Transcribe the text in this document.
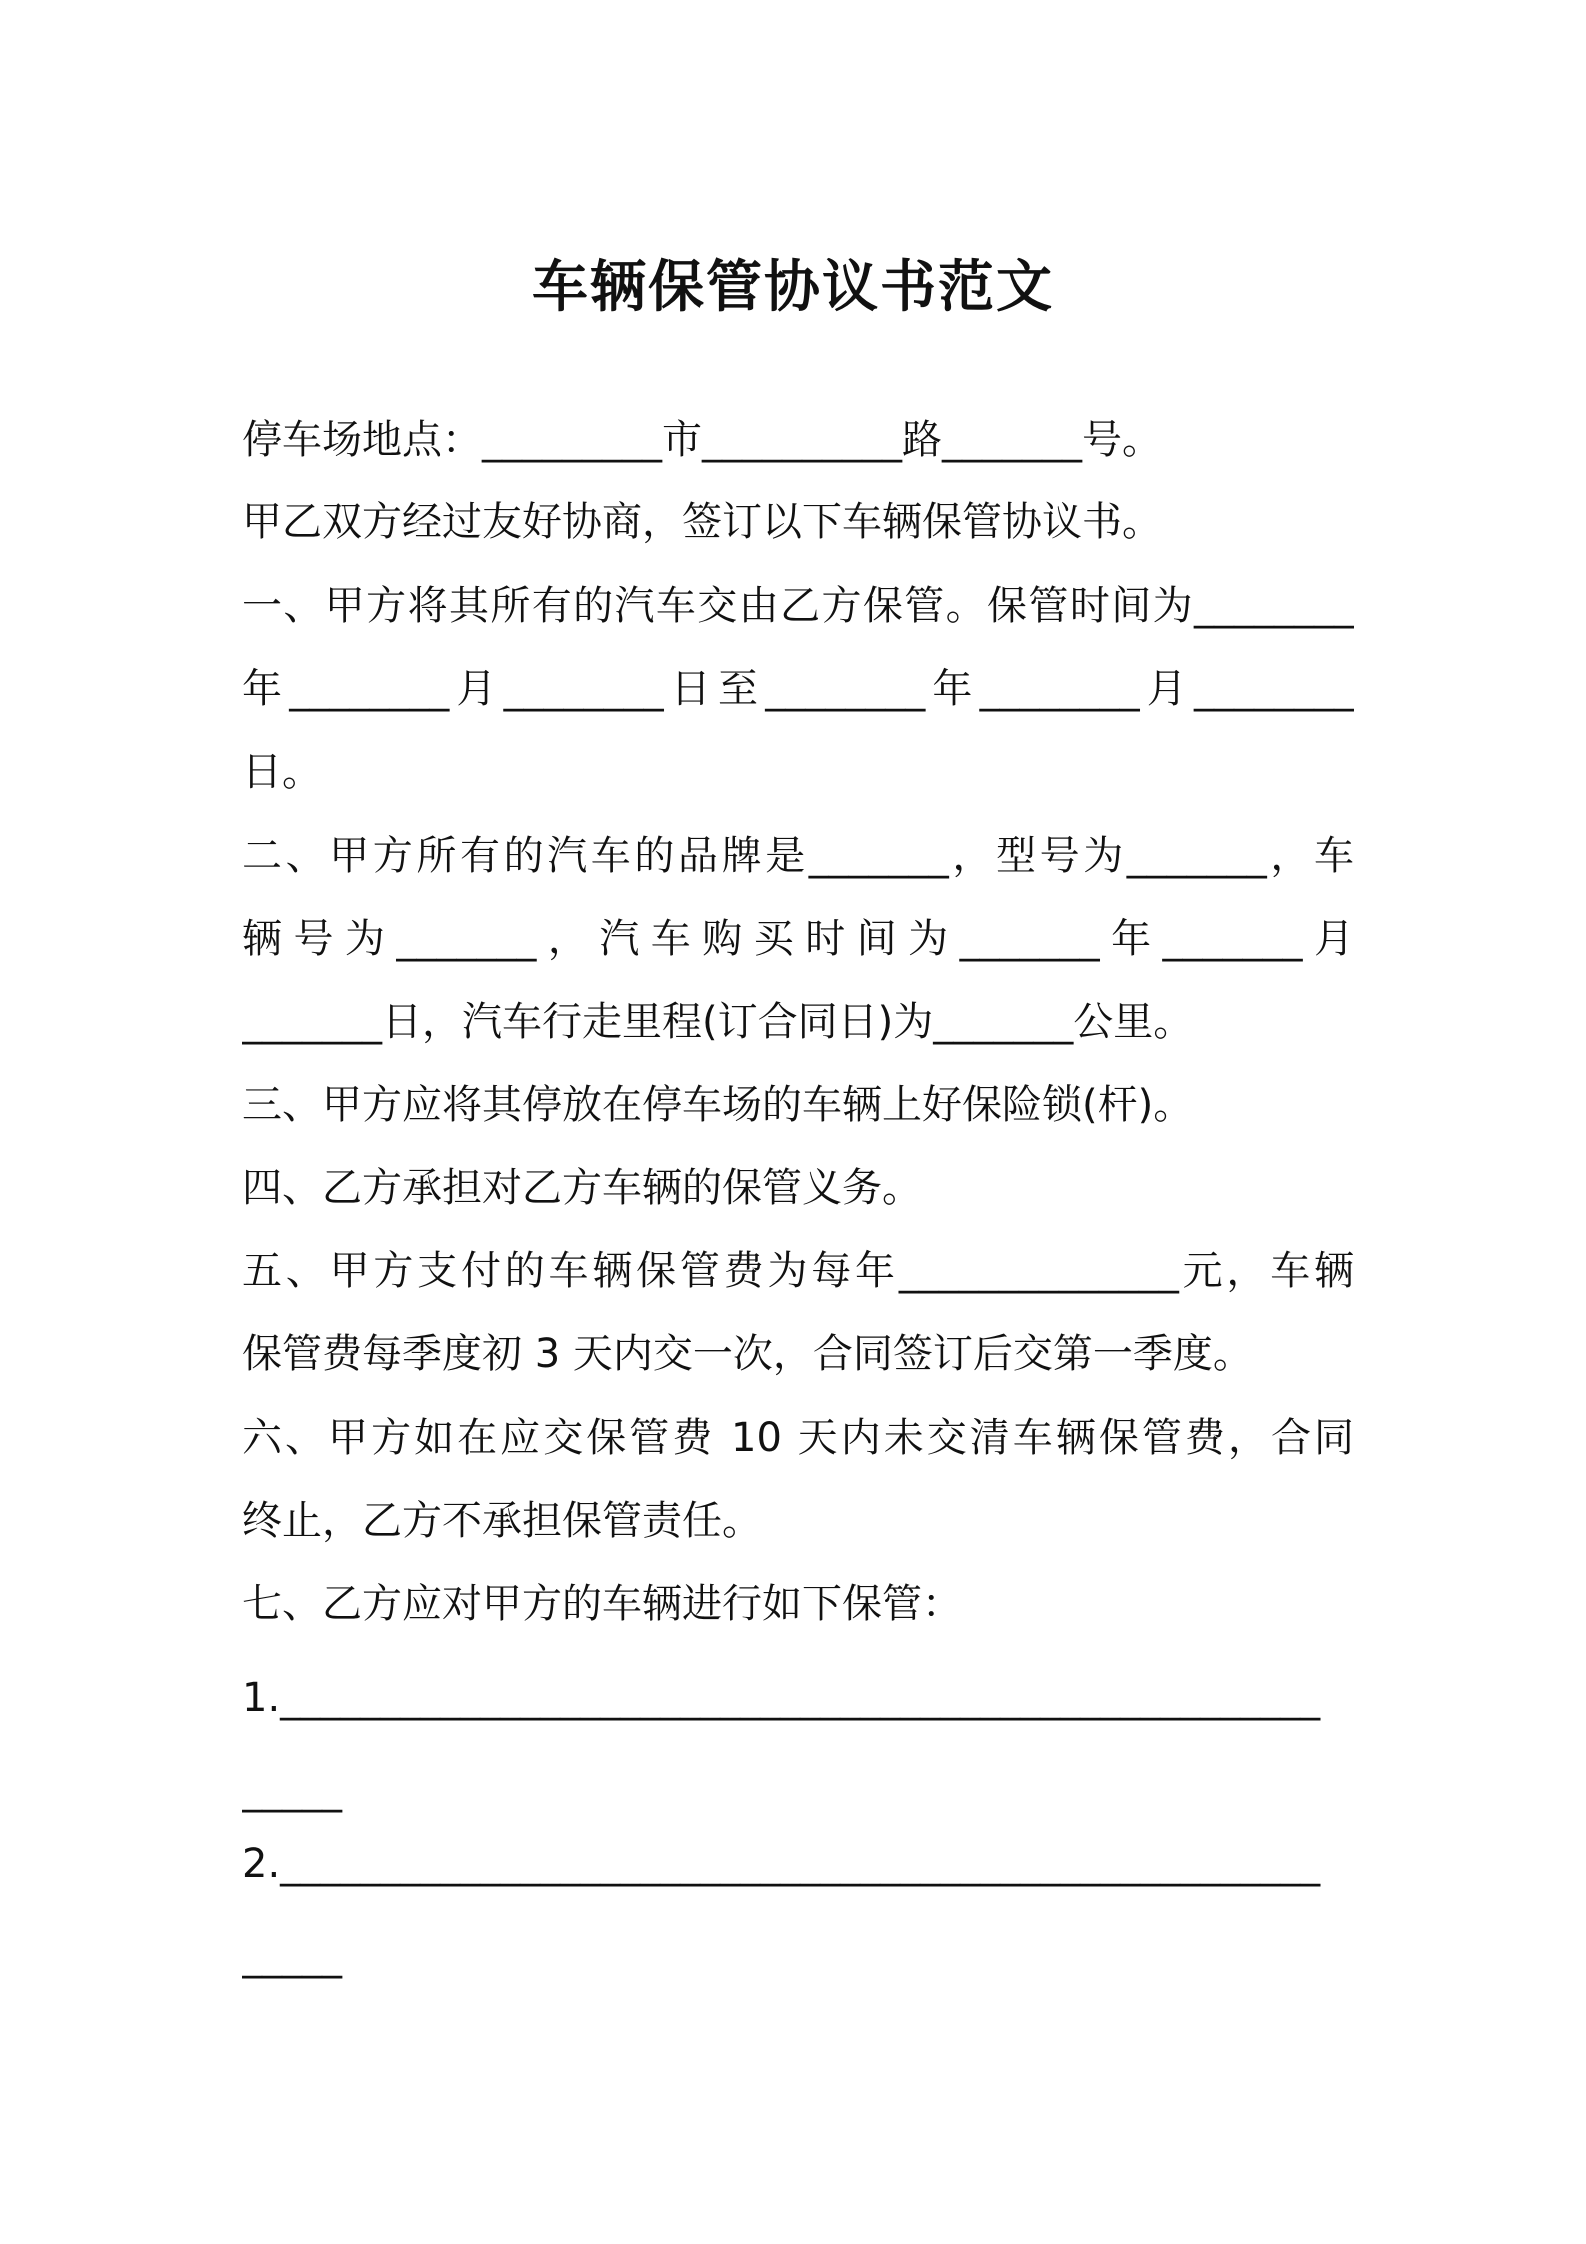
车辆保管协议书范文
停车场地点：_________市__________路_______号。
甲乙双方经过友好协商，签订以下车辆保管协议书。
一、甲方将其所有的汽车交由乙方保管。保管时间为________
年________月________日至________年________月________
日。
二、甲方所有的汽车的品牌是_______，型号为_______，车
辆号为_______，汽车购买时间为_______年_______月
_______日，汽车行走里程(订合同日)为_______公里。
三、甲方应将其停放在停车场的车辆上好保险锁(杆)。
四、乙方承担对乙方车辆的保管义务。
五、甲方支付的车辆保管费为每年______________元，车辆
保管费每季度初 3 天内交一次，合同签订后交第一季度。
六、甲方如在应交保管费 10 天内未交清车辆保管费，合同
终止，乙方不承担保管责任。
七、乙方应对甲方的车辆进行如下保管：
1.____________________________________________________
_____
2.____________________________________________________
_____
